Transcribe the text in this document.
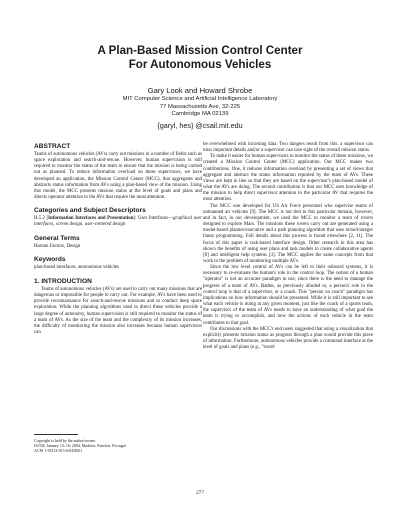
A Plan-Based Mission Control Center
For Autonomous Vehicles
Gary Look and Howard Shrobe
MIT Computer Science and Artificial Intelligence Laboratory
77 Massachusetts Ave, 32-225
Cambridge MA 02139
{garyl, hes} @csail.mit.edu
ABSTRACT

Teams of autonomous vehicles (AVs) carry out missions in a number of fields such as space exploration and search-and-rescue. However, human supervision is still required to monitor the status of the team to ensure that the mission is being carried out as planned. To reduce information overload on these supervisors, we have developed an application, the Mission Control Center (MCC), that aggregates and abstracts status information from AVs using a plan-based view of the mission. Using this model, the MCC presents mission status at the level of goals and plans and directs operator attention to the AVs that require the most attention.

Categories and Subject Descriptors

H.5.2 [Information Interfaces and Presentation]: User Interfaces—graphical user interfaces, screen design, user-centered design

General Terms

Human Factors, Design

Keywords

plan-based interfaces, autonomous vehicles

1. INTRODUCTION

Teams of autonomous vehicles (AVs) are used to carry out many missions that are dangerous or impossible for people to carry out. For example, AVs have been used to provide reconnaissance for search-and-rescue missions and to conduct deep space exploration. While the planning algorithms used to direct these vehicles provide a large degree of autonomy, human supervision is still required to monitor the status of a team of AVs. As the size of the team and the complexity of its mission increases, the difficulty of monitoring the mission also increases because human supervisors can

Copyright is held by the author/owner.
IUI'04, January 13–16, 2004, Madeira, Funchal, Portugal.
ACM 1-58113-815-6/04/0001.

be overwhelmed with incoming data. Two dangers result from this: a supervisor can miss important details and/or a supervisor can lose sight of the overall mission status.

To make it easier for human supervisors to monitor the status of these missions, we created a Mission Control Center (MCC) application. Our MCC makes two contributions. One, it reduces information overload by presenting a set of views that aggregate and abstract the status information reported by the team of AVs. These views are kept in line so that they are based on the supervisor's plan-based model of what the AVs are doing. The second contribution is that our MCC uses knowledge of the mission to help direct supervisor attention to the particular AV that requires the most attention.

The MCC was developed for US Air Force personnel who supervise teams of unmanned air vehicles [9]. The MCC is not tied to this particular domain, however, and in fact, in our development, we used the MCC to monitor a team of rovers designed to explore Mars. The missions these rovers carry out are generated using a model-based planner/executive and a path planning algorithm that uses mixed-integer linear programming. Full details about this process is found elsewhere [2, 11]. The focus of this paper is task-based interface design. Other research in this area has shown the benefits of using user plans and task models to create collaborative agents [8] and intelligent help systems [3]. The MCC applies the same concepts from that work to the problem of monitoring multiple AVs.

Since the low level control of AVs can be left to their onboard systems, it is necessary to re-evaluate the human's role in the control loop. The notion of a human "operator" is not an accurate paradigm to use, since there is the need to manage the progress of a team of AVs. Rather, as previously alluded to, a person's role in the control loop is that of a supervisor, or a coach. This "person on coach" paradigm has implications on how information should be presented. While it is still important to see what each vehicle is doing at any given moment, just like the coach of a sports team, the supervisor of the team of AVs needs to have an understanding of what goal the team is trying to accomplish, and how the actions of each vehicle in the team contributes to that goal.

Our discussions with the MCC's end users suggested that using a visualization that explicitly presents mission status as progress through a plan would provide this piece of information. Furthermore, autonomous vehicles provide a command interface at the level of goals and plans (e.g., "travel

277
